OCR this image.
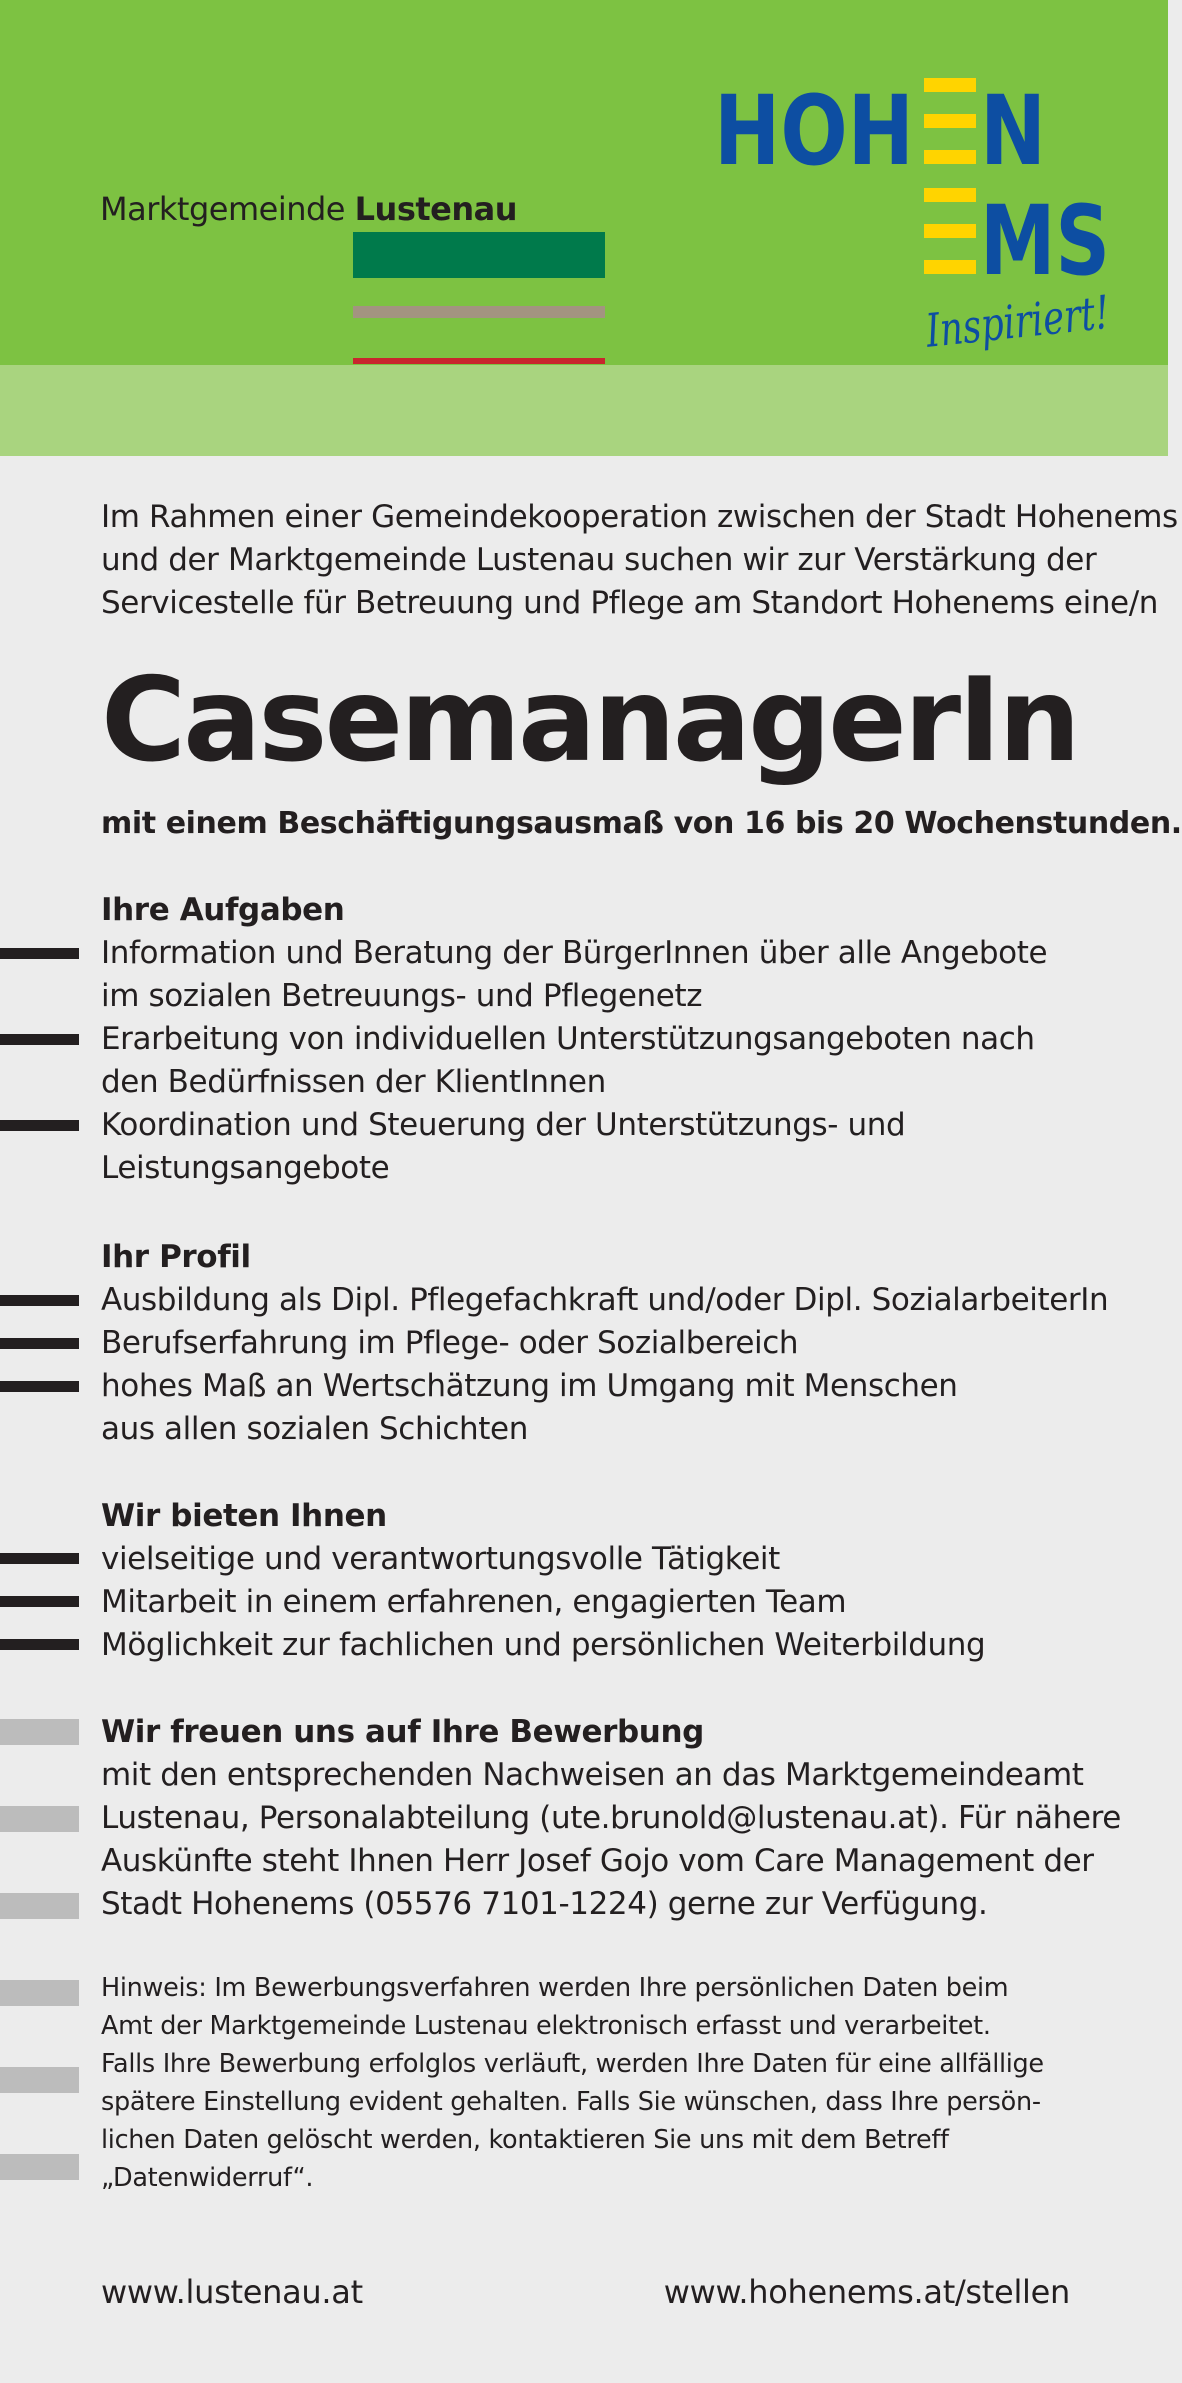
Marktgemeinde Lustenau
HOH N
MS
Inspiriert!
Im Rahmen einer Gemeindekooperation zwischen der Stadt Hohenems
und der Marktgemeinde Lustenau suchen wir zur Verstärkung der
Servicestelle für Betreuung und Pflege am Standort Hohenems eine/n
CasemanagerIn
mit einem Beschäftigungsausmaß von 16 bis 20 Wochenstunden.
Ihre Aufgaben
Information und Beratung der BürgerInnen über alle Angebote
im sozialen Betreuungs- und Pflegenetz
Erarbeitung von individuellen Unterstützungsangeboten nach
den Bedürfnissen der KlientInnen
Koordination und Steuerung der Unterstützungs- und
Leistungsangebote
Ihr Profil
Ausbildung als Dipl. Pflegefachkraft und/oder Dipl. SozialarbeiterIn
Berufserfahrung im Pflege- oder Sozialbereich
hohes Maß an Wertschätzung im Umgang mit Menschen
aus allen sozialen Schichten
Wir bieten Ihnen
vielseitige und verantwortungsvolle Tätigkeit
Mitarbeit in einem erfahrenen, engagierten Team
Möglichkeit zur fachlichen und persönlichen Weiterbildung
Wir freuen uns auf Ihre Bewerbung
mit den entsprechenden Nachweisen an das Marktgemeindeamt
Lustenau, Personalabteilung (ute.brunold@lustenau.at). Für nähere
Auskünfte steht Ihnen Herr Josef Gojo vom Care Management der
Stadt Hohenems (05576 7101-1224) gerne zur Verfügung.
Hinweis: Im Bewerbungsverfahren werden Ihre persönlichen Daten beim
Amt der Marktgemeinde Lustenau elektronisch erfasst und verarbeitet.
Falls Ihre Bewerbung erfolglos verläuft, werden Ihre Daten für eine allfällige
spätere Einstellung evident gehalten. Falls Sie wünschen, dass Ihre persön-
lichen Daten gelöscht werden, kontaktieren Sie uns mit dem Betreff
„Datenwiderruf“.
www.lustenau.at	www.hohenems.at/stellen
